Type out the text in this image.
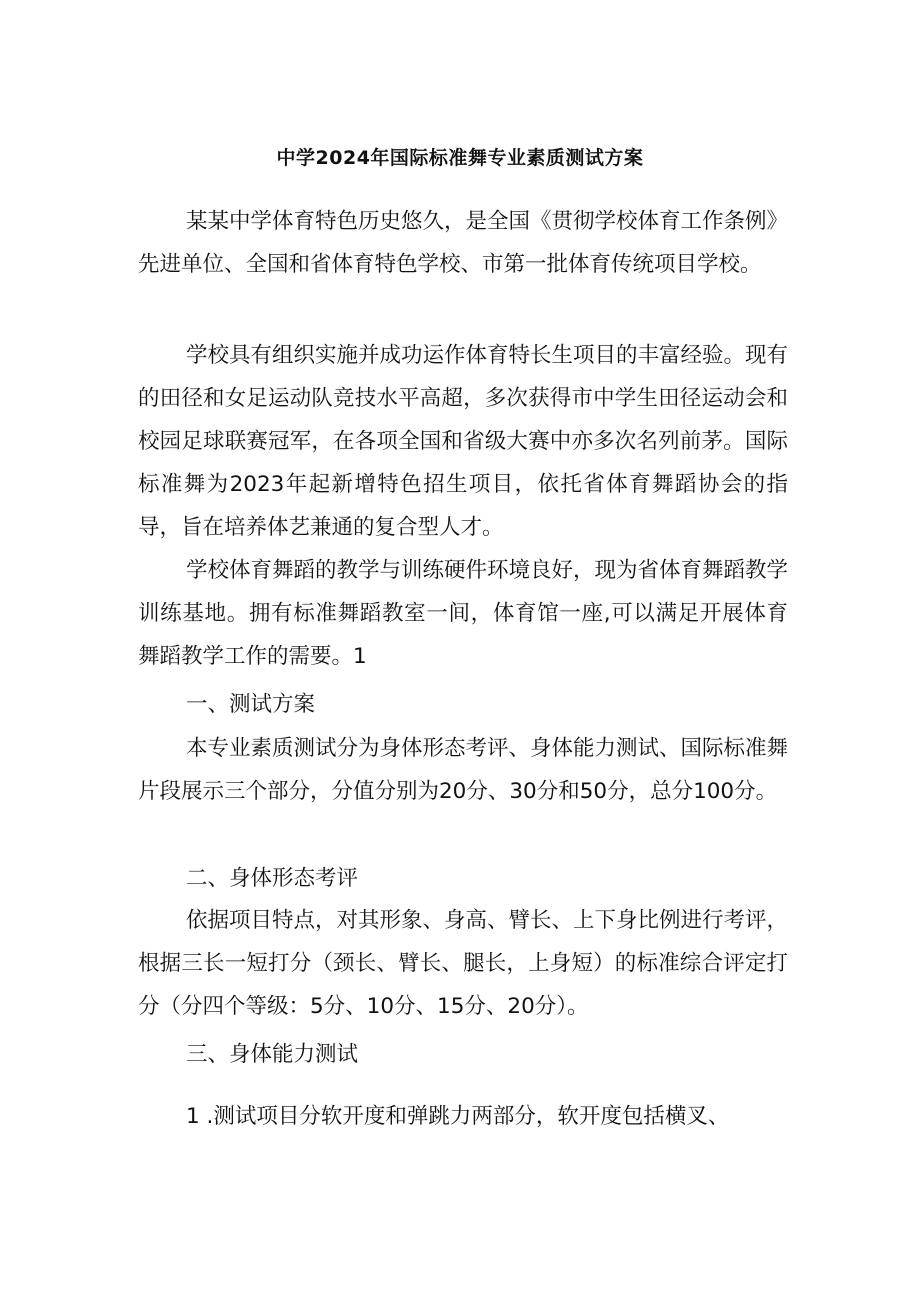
中学2024年国际标准舞专业素质测试方案

某某中学体育特色历史悠久，是全国《贯彻学校体育工作条例》先进单位、全国和省体育特色学校、市第一批体育传统项目学校。

学校具有组织实施并成功运作体育特长生项目的丰富经验。现有的田径和女足运动队竞技水平高超，多次获得市中学生田径运动会和校园足球联赛冠军，在各项全国和省级大赛中亦多次名列前茅。国际标准舞为2023年起新增特色招生项目，依托省体育舞蹈协会的指导，旨在培养体艺兼通的复合型人才。

学校体育舞蹈的教学与训练硬件环境良好，现为省体育舞蹈教学训练基地。拥有标准舞蹈教室一间，体育馆一座,可以满足开展体育舞蹈教学工作的需要。1

一、测试方案

本专业素质测试分为身体形态考评、身体能力测试、国际标准舞片段展示三个部分，分值分别为20分、30分和50分，总分100分。

二、身体形态考评

依据项目特点，对其形象、身高、臂长、上下身比例进行考评，根据三长一短打分（颈长、臂长、腿长，上身短）的标准综合评定打分（分四个等级：5分、10分、15分、20分）。

三、身体能力测试

1 .测试项目分软开度和弹跳力两部分，软开度包括横叉、
